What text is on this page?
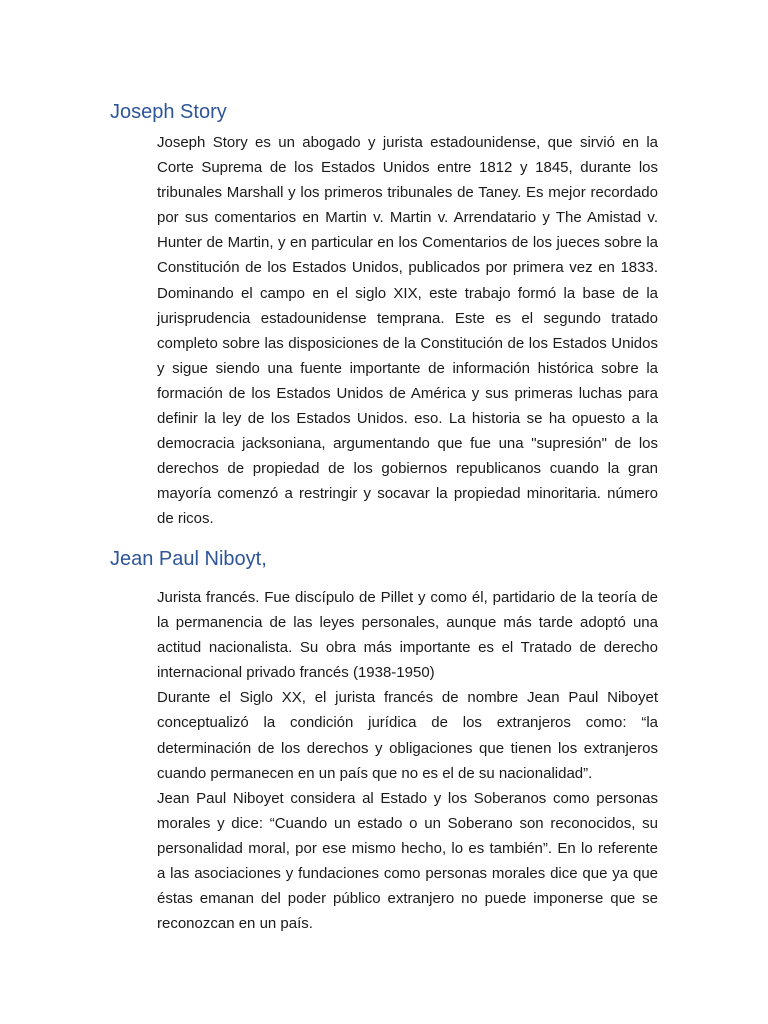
Joseph Story

Joseph Story es un abogado y jurista estadounidense, que sirvió en la Corte Suprema de los Estados Unidos entre 1812 y 1845, durante los tribunales Marshall y los primeros tribunales de Taney. Es mejor recordado por sus comentarios en Martin v. Martin v. Arrendatario y The Amistad v. Hunter de Martin, y en particular en los Comentarios de los jueces sobre la Constitución de los Estados Unidos, publicados por primera vez en 1833. Dominando el campo en el siglo XIX, este trabajo formó la base de la jurisprudencia estadounidense temprana. Este es el segundo tratado completo sobre las disposiciones de la Constitución de los Estados Unidos y sigue siendo una fuente importante de información histórica sobre la formación de los Estados Unidos de América y sus primeras luchas para definir la ley de los Estados Unidos. eso. La historia se ha opuesto a la democracia jacksoniana, argumentando que fue una "supresión" de los derechos de propiedad de los gobiernos republicanos cuando la gran mayoría comenzó a restringir y socavar la propiedad minoritaria. número de ricos.

Jean Paul Niboyt,

Jurista francés. Fue discípulo de Pillet y como él, partidario de la teoría de la permanencia de las leyes personales, aunque más tarde adoptó una actitud nacionalista. Su obra más importante es el Tratado de derecho internacional privado francés (1938-1950)

Durante el Siglo XX, el jurista francés de nombre Jean Paul Niboyet conceptualizó la condición jurídica de los extranjeros como: “la determinación de los derechos y obligaciones que tienen los extranjeros cuando permanecen en un país que no es el de su nacionalidad”.

Jean Paul Niboyet considera al Estado y los Soberanos como personas morales y dice: “Cuando un estado o un Soberano son reconocidos, su personalidad moral, por ese mismo hecho, lo es también”. En lo referente a las asociaciones y fundaciones como personas morales dice que ya que éstas emanan del poder público extranjero no puede imponerse que se reconozcan en un país.
